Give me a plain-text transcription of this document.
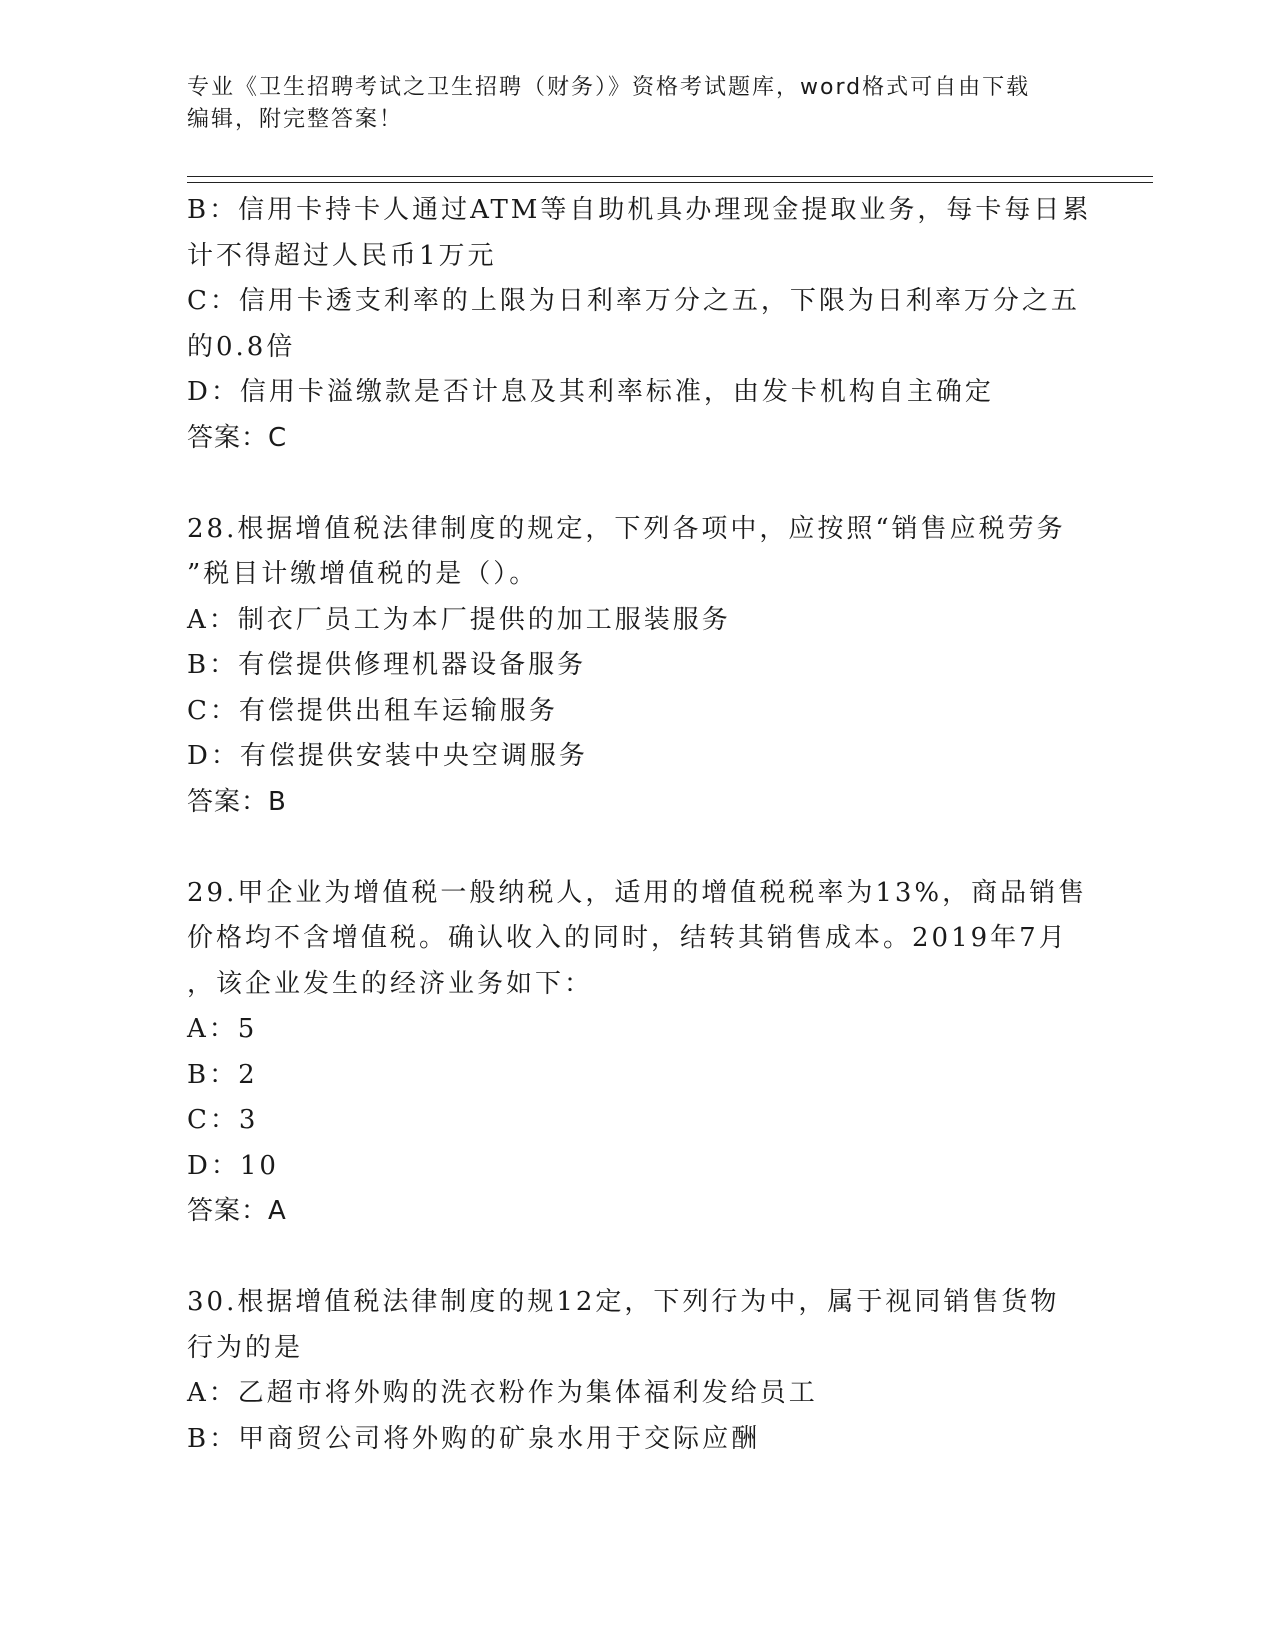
专业《卫生招聘考试之卫生招聘（财务）》资格考试题库，word格式可自由下载
编辑，附完整答案！
B：信用卡持卡人通过ATM等自助机具办理现金提取业务，每卡每日累
计不得超过人民币1万元
C：信用卡透支利率的上限为日利率万分之五，下限为日利率万分之五
的0.8倍
D：信用卡溢缴款是否计息及其利率标准，由发卡机构自主确定
答案：C
28.根据增值税法律制度的规定，下列各项中，应按照“销售应税劳务
”税目计缴增值税的是（）。
A：制衣厂员工为本厂提供的加工服装服务
B：有偿提供修理机器设备服务
C：有偿提供出租车运输服务
D：有偿提供安装中央空调服务
答案：B
29.甲企业为增值税一般纳税人，适用的增值税税率为13%，商品销售
价格均不含增值税。确认收入的同时，结转其销售成本。2019年7月
，该企业发生的经济业务如下：
A：5
B：2
C：3
D：10
答案：A
30.根据增值税法律制度的规12定，下列行为中，属于视同销售货物
行为的是
A：乙超市将外购的洗衣粉作为集体福利发给员工
B：甲商贸公司将外购的矿泉水用于交际应酬
